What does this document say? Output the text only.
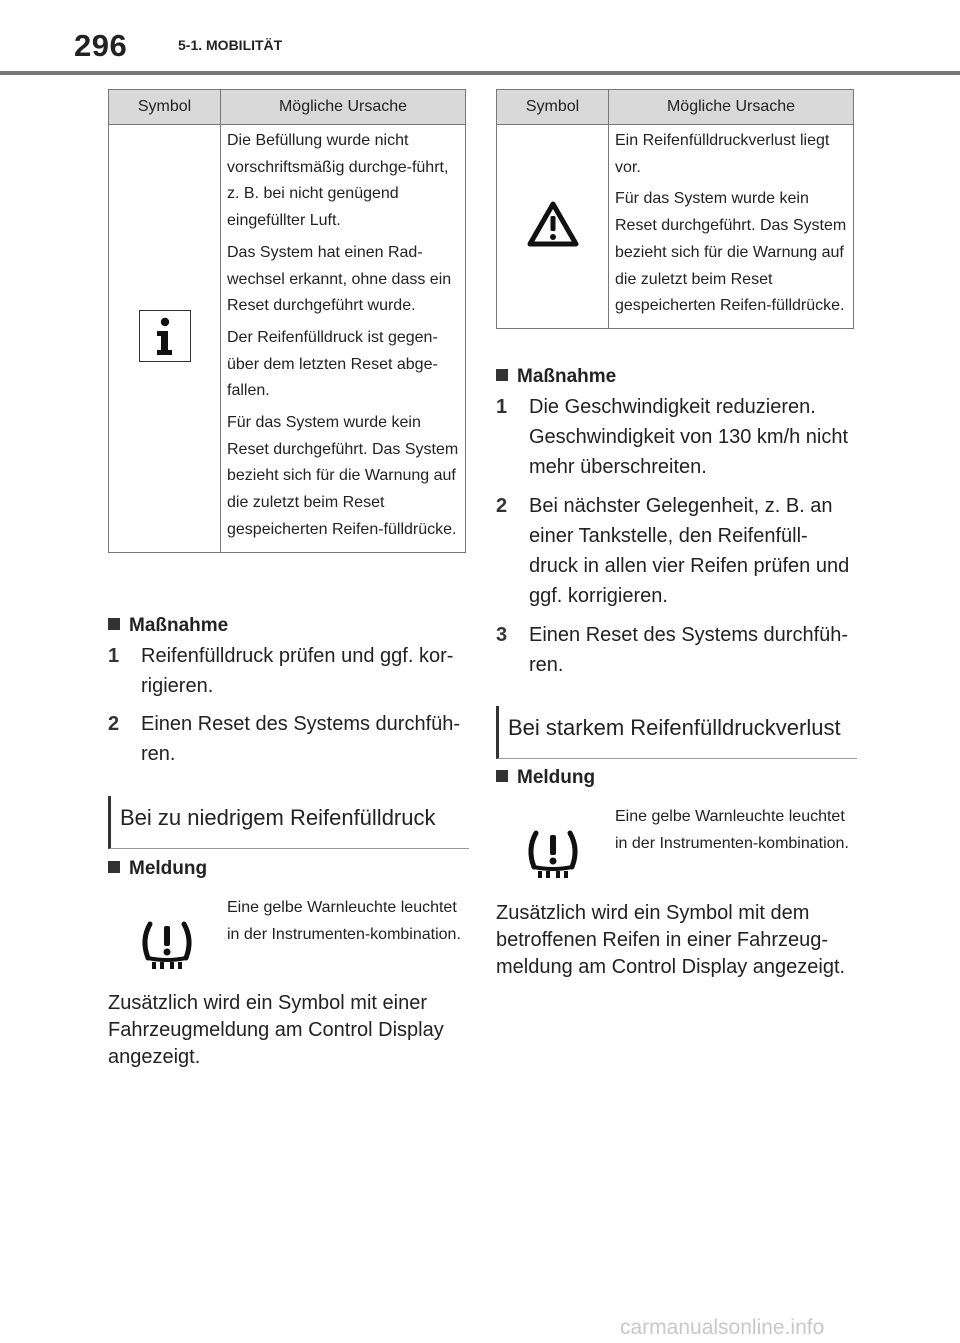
296	5-1. MOBILITÄT
Symbol	Mögliche Ursache

Die Befüllung wurde nicht vorschriftsmäßig durchge-führt, z. B. bei nicht genügend eingefüllter Luft.

Das System hat einen Rad-wechsel erkannt, ohne dass ein Reset durchgeführt wurde.

Der Reifenfülldruck ist gegen-über dem letzten Reset abge-fallen.

Für das System wurde kein Reset durchgeführt. Das System bezieht sich für die Warnung auf die zuletzt beim Reset gespeicherten Reifen-fülldrücke.

Maßnahme
1 Reifenfülldruck prüfen und ggf. kor-rigieren.
2 Einen Reset des Systems durchfüh-ren.
Bei zu niedrigem Reifenfülldruck
Meldung
Eine gelbe Warnleuchte leuchtet in der Instrumenten-kombination.
Zusätzlich wird ein Symbol mit einer Fahrzeugmeldung am Control Display angezeigt.
Symbol	Mögliche Ursache

Ein Reifenfülldruckverlust liegt vor.

Für das System wurde kein Reset durchgeführt. Das System bezieht sich für die Warnung auf die zuletzt beim Reset gespeicherten Reifen-fülldrücke.

Maßnahme
1 Die Geschwindigkeit reduzieren. Geschwindigkeit von 130 km/h nicht mehr überschreiten.
2 Bei nächster Gelegenheit, z. B. an einer Tankstelle, den Reifenfüll-druck in allen vier Reifen prüfen und ggf. korrigieren.
3 Einen Reset des Systems durchfüh-ren.
Bei starkem Reifenfülldruckverlust
Meldung
Eine gelbe Warnleuchte leuchtet in der Instrumenten-kombination.
Zusätzlich wird ein Symbol mit dem betroffenen Reifen in einer Fahrzeug-meldung am Control Display angezeigt.
carmanualsonline.info
